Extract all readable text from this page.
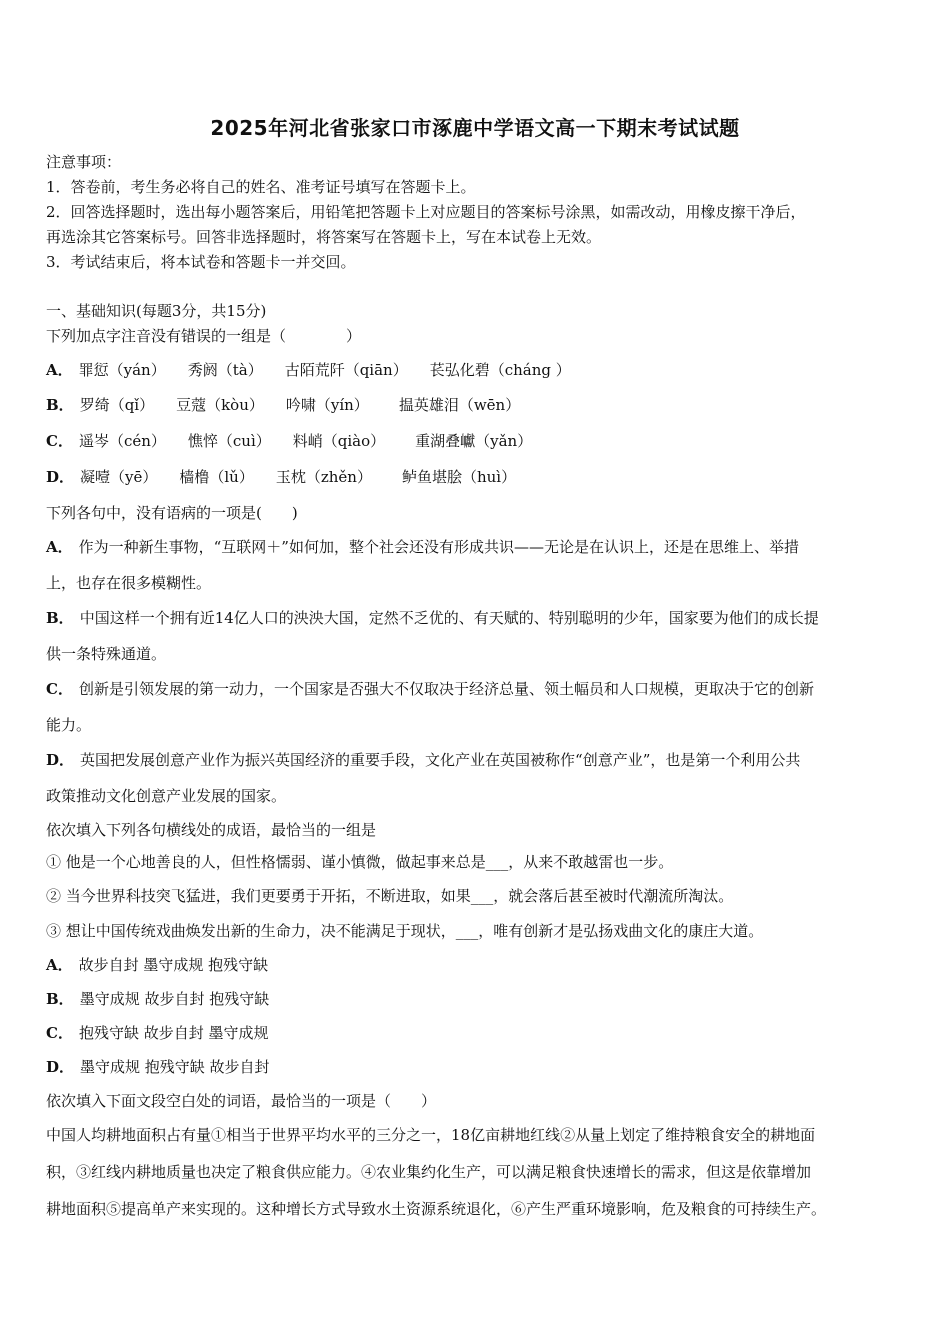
2025年河北省张家口市涿鹿中学语文高一下期末考试试题
注意事项：
1．答卷前，考生务必将自己的姓名、准考证号填写在答题卡上。
2．回答选择题时，选出每小题答案后，用铅笔把答题卡上对应题目的答案标号涂黑，如需改动，用橡皮擦干净后，
再选涂其它答案标号。回答非选择题时，将答案写在答题卡上，写在本试卷上无效。
3．考试结束后，将本试卷和答题卡一并交回。
一、基础知识(每题3分，共15分)
下列加点字注音没有错误的一组是（　　　　）
A． 罪愆（yán） 秀阏（tà） 古陌荒阡（qiān） 苌弘化碧（cháng ）
B． 罗绮（qǐ） 豆蔻（kòu） 吟啸（yín） 揾英雄泪（wēn）
C． 遥岑（cén） 憔悴（cuì） 料峭（qiào） 重湖叠巘（yǎn）
D． 凝噎（yē） 樯橹（lǔ） 玉枕（zhěn） 鲈鱼堪脍（huì）
下列各句中，没有语病的一项是(　　)
A． 作为一种新生事物，“互联网＋”如何加，整个社会还没有形成共识——无论是在认识上，还是在思维上、举措
上，也存在很多模糊性。
B． 中国这样一个拥有近14亿人口的泱泱大国，定然不乏优的、有天赋的、特别聪明的少年，国家要为他们的成长提
供一条特殊通道。
C． 创新是引领发展的第一动力，一个国家是否强大不仅取决于经济总量、领土幅员和人口规模，更取决于它的创新
能力。
D． 英国把发展创意产业作为振兴英国经济的重要手段，文化产业在英国被称作“创意产业”，也是第一个利用公共
政策推动文化创意产业发展的国家。
依次填入下列各句横线处的成语，最恰当的一组是
① 他是一个心地善良的人，但性格懦弱、谨小慎微，做起事来总是___，从来不敢越雷也一步。
② 当今世界科技突飞猛进，我们更要勇于开拓，不断进取，如果___，就会落后甚至被时代潮流所淘汰。
③ 想让中国传统戏曲焕发出新的生命力，决不能满足于现状，___，唯有创新才是弘扬戏曲文化的康庄大道。
A． 故步自封 墨守成规 抱残守缺
B． 墨守成规 故步自封 抱残守缺
C． 抱残守缺 故步自封 墨守成规
D． 墨守成规 抱残守缺 故步自封
依次填入下面文段空白处的词语，最恰当的一项是（　　）
中国人均耕地面积占有量①相当于世界平均水平的三分之一，18亿亩耕地红线②从量上划定了维持粮食安全的耕地面
积，③红线内耕地质量也决定了粮食供应能力。④农业集约化生产，可以满足粮食快速增长的需求，但这是依靠增加
耕地面积⑤提高单产来实现的。这种增长方式导致水土资源系统退化，⑥产生严重环境影响，危及粮食的可持续生产。
